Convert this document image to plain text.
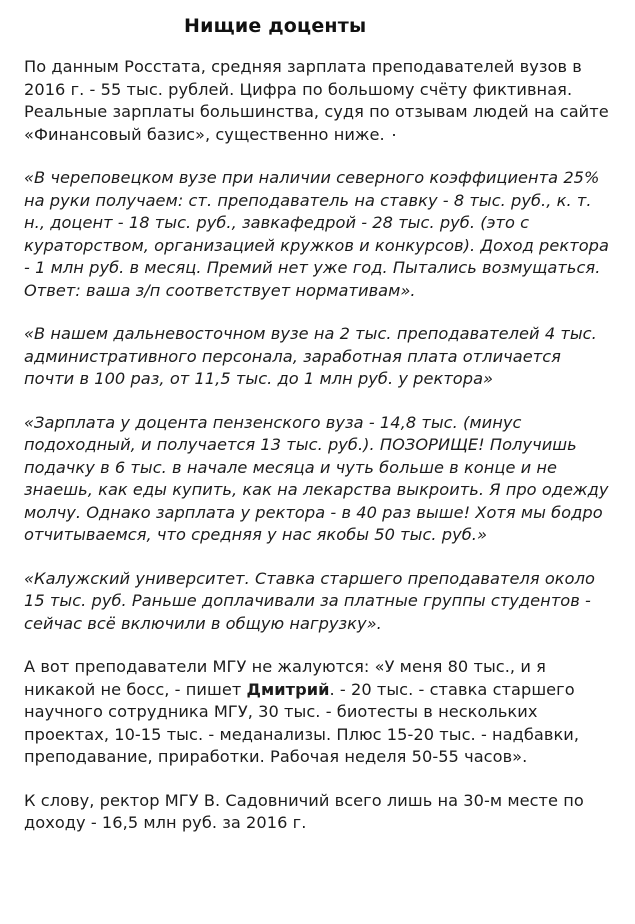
Нищие доценты

По данным Росстата, средняя зарплата преподавателей вузов в 2016 г. - 55 тыс. рублей. Цифра по большому счёту фиктивная. Реальные зарплаты большинства, судя по отзывам людей на сайте «Финансовый базис», существенно ниже.

«В череповецком вузе при наличии северного коэффициента 25% на руки получаем: ст. преподаватель на ставку - 8 тыс. руб., к. т. н., доцент - 18 тыс. руб., завкафедрой - 28 тыс. руб. (это с кураторством, организацией кружков и конкурсов). Доход ректора - 1 млн руб. в месяц. Премий нет уже год. Пытались возмущаться. Ответ: ваша з/п соответствует нормативам».

«В нашем дальневосточном вузе на 2 тыс. преподавателей 4 тыс. административного персонала, заработная плата отличается почти в 100 раз, от 11,5 тыс. до 1 млн руб. у ректора»

«Зарплата у доцента пензенского вуза - 14,8 тыс. (минус подоходный, и получается 13 тыс. руб.). ПОЗОРИЩЕ! Получишь подачку в 6 тыс. в начале месяца и чуть больше в конце и не знаешь, как еды купить, как на лекарства выкроить. Я про одежду молчу. Однако зарплата у ректора - в 40 раз выше! Хотя мы бодро отчитываемся, что средняя у нас якобы 50 тыс. руб.»

«Калужский университет. Ставка старшего преподавателя около 15 тыс. руб. Раньше доплачивали за платные группы студентов - сейчас всё включили в общую нагрузку».

А вот преподаватели МГУ не жалуются: «У меня 80 тыс., и я никакой не босс, - пишет Дмитрий. - 20 тыс. - ставка старшего научного сотрудника МГУ, 30 тыс. - биотесты в нескольких проектах, 10-15 тыс. - меданализы. Плюс 15-20 тыс. - надбавки, преподавание, приработки. Рабочая неделя 50-55 часов».

К слову, ректор МГУ В. Садовничий всего лишь на 30-м месте по доходу - 16,5 млн руб. за 2016 г.
